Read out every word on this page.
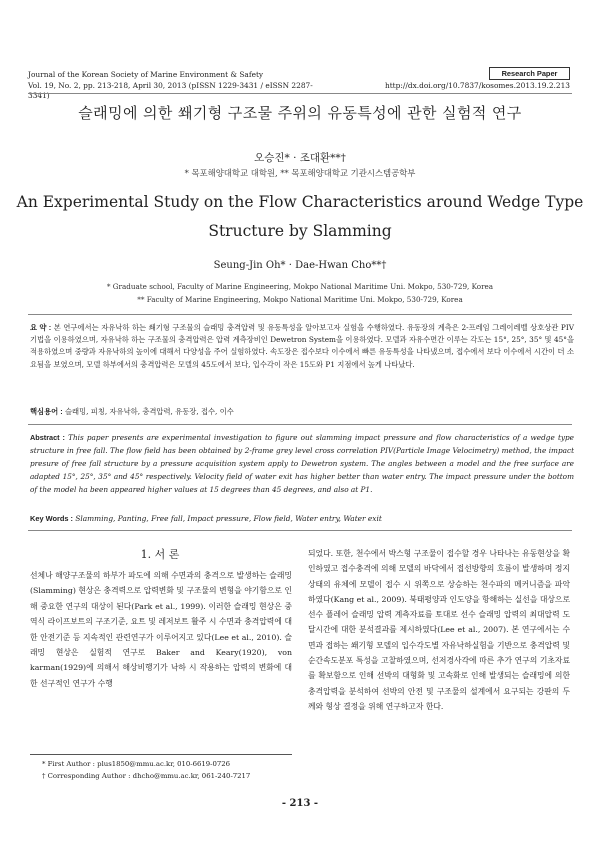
Journal of the Korean Society of Marine Environment & Safety
Vol. 19, No. 2, pp. 213-218, April 30, 2013 (pISSN 1229-3431 / eISSN 2287-3341)
Research Paper
http://dx.doi.org/10.7837/kosomes.2013.19.2.213
슬래밍에 의한 쐐기형 구조물 주위의 유동특성에 관한 실험적 연구
오승진* · 조대환**†
* 목포해양대학교 대학원, ** 목포해양대학교 기관시스템공학부
An Experimental Study on the Flow Characteristics around Wedge Type
Structure by Slamming
Seung-Jin Oh* · Dae-Hwan Cho**†
* Graduate school, Faculty of Marine Engineering, Mokpo National Maritime Uni. Mokpo, 530-729, Korea
** Faculty of Marine Engineering, Mokpo National Maritime Uni. Mokpo, 530-729, Korea
요 약 : 본 연구에서는 자유낙하 하는 쐐기형 구조물의 슬래밍 충격압력 및 유동특성을 알아보고자 실험을 수행하였다. 유동장의 계측은 2-프레임 그레이레벨 상호상관 PIV 기법을 이용하였으며, 자유낙하 하는 구조물의 충격압력은 압력 계측장비인 Dewetron System을 이용하였다. 모델과 자유수면간 이루는 각도는 15°, 25°, 35° 및 45°을 적용하였으며 중량과 자유낙하의 높이에 대해서 다양성을 주어 실험하였다. 속도장은 접수보다 이수에서 빠른 유동특성을 나타냈으며, 접수에서 보다 이수에서 시간이 더 소요됨을 보였으며, 모델 하부에서의 충격압력은 모델의 45도에서 보다, 입수각이 작은 15도와 P1 지점에서 높게 나타났다.
핵심용어 : 슬래밍, 피칭, 자유낙하, 충격압력, 유동장, 접수, 이수
Abstract : This paper presents are experimental investigation to figure out slamming impact pressure and flow characteristics of a wedge type structure in free fall. The flow field has been obtained by 2-frame grey level cross correlation PIV(Particle Image Velocimetry) method, the impact presure of free fall structure by a pressure acquisition system apply to Dewetron system. The angles between a model and the free surface are adapted 15°, 25°, 35° and 45° respectively. Velocity field of water exit has higher better than water entry. The impact pressure under the bottom of the model ha been appeared higher values at 15 degrees than 45 degrees, and also at P1.
Key Words : Slamming, Panting, Free fall, Impact pressure, Flow field, Water entry, Water exit
1. 서 론
선체나 해양구조물의 하부가 파도에 의해 수면과의 충격으로 발생하는 슬래밍(Slamming) 현상은 충격력으로 압력변화 및 구조물의 변형을 야기함으로 인해 중요한 연구의 대상이 된다(Park et al., 1999). 이러한 슬래밍 현상은 중역식 라이프보트의 구조기준, 요트 및 레저보트 활주 시 수면과 충격압력에 대한 안전기준 등 지속적인 관련연구가 이루어지고 있다(Lee et al., 2010). 슬래밍 현상은 실험적 연구로 Baker and Keary(1920), von karman(1929)에 의해서 해상비행기가 낙하 시 작용하는 압력의 변화에 대한 선구적인 연구가 수행
되었다. 또한, 천수에서 박스형 구조물이 접수할 경우 나타나는 유동현상을 확인하였고 접수충격에 의해 모델의 바닥에서 접선방향의 흐름이 발생하며 정지상태의 유체에 모델이 접수 시 위쪽으로 상승하는 천수파의 메커니즘을 파악하였다(Kang et al., 2009). 북태평양과 인도양을 항해하는 실선을 대상으로 선수 플레어 슬래밍 압력 계측자료를 토대로 선수 슬래밍 압력의 최대압력 도달시간에 대한 분석결과를 제시하였다(Lee et al., 2007). 본 연구에서는 수면과 접하는 쐐기형 모델의 입수각도별 자유낙하실험을 기반으로 충격압력 및 순간속도분포 특성을 고찰하였으며, 선저경사각에 따른 추가 연구의 기초자료를 확보함으로 인해 선박의 대형화 및 고속화로 인해 발생되는 슬래밍에 의한 충격압력을 분석하여 선박의 안전 및 구조물의 설계에서 요구되는 강판의 두께와 형상 결정을 위해 연구하고자 한다.
* First Author : plus1850@mmu.ac.kr, 010-6619-0726
† Corresponding Author : dhcho@mmu.ac.kr, 061-240-7217
- 213 -
